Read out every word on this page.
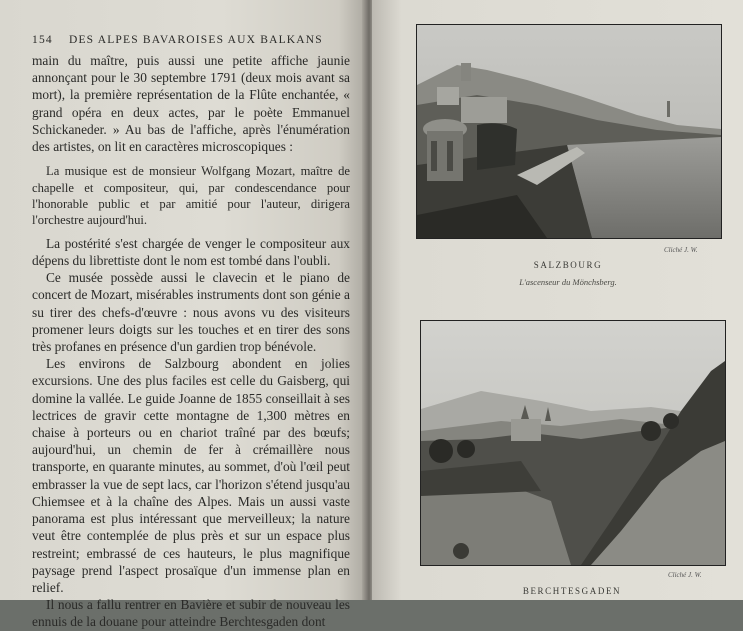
154 DES ALPES BAVAROISES AUX BALKANS

main du maître, puis aussi une petite affiche jaunie annonçant pour le 30 septembre 1791 (deux mois avant sa mort), la première représentation de la Flûte enchantée, « grand opéra en deux actes, par le poète Emmanuel Schickaneder. » Au bas de l'affiche, après l'énumération des artistes, on lit en caractères microscopiques :

La musique est de monsieur Wolfgang Mozart, maître de chapelle et compositeur, qui, par condescendance pour l'honorable public et par amitié pour l'auteur, dirigera l'orchestre aujourd'hui.

La postérité s'est chargée de venger le compositeur aux dépens du librettiste dont le nom est tombé dans l'oubli.

Ce musée possède aussi le clavecin et le piano de concert de Mozart, misérables instruments dont son génie a su tirer des chefs-d'œuvre : nous avons vu des visiteurs promener leurs doigts sur les touches et en tirer des sons très profanes en présence d'un gardien trop bénévole.

Les environs de Salzbourg abondent en jolies excursions. Une des plus faciles est celle du Gaisberg, qui domine la vallée. Le guide Joanne de 1855 conseillait à ses lectrices de gravir cette montagne de 1,300 mètres en chaise à porteurs ou en chariot traîné par des bœufs; aujourd'hui, un chemin de fer à crémaillère nous transporte, en quarante minutes, au sommet, d'où l'œil peut embrasser la vue de sept lacs, car l'horizon s'étend jusqu'au Chiemsee et à la chaîne des Alpes. Mais un aussi vaste panorama est plus intéressant que merveilleux; la nature veut être contemplée de plus près et sur un espace plus restreint; embrassé de ces hauteurs, le plus magnifique paysage prend l'aspect prosaïque d'un immense plan en relief.

Il nous a fallu rentrer en Bavière et subir de nouveau les ennuis de la douane pour atteindre Berchtesgaden dont

Cliché J. W.
SALZBOURG
L'ascenseur du Mönchsberg.
Cliché J. W.
BERCHTESGADEN
